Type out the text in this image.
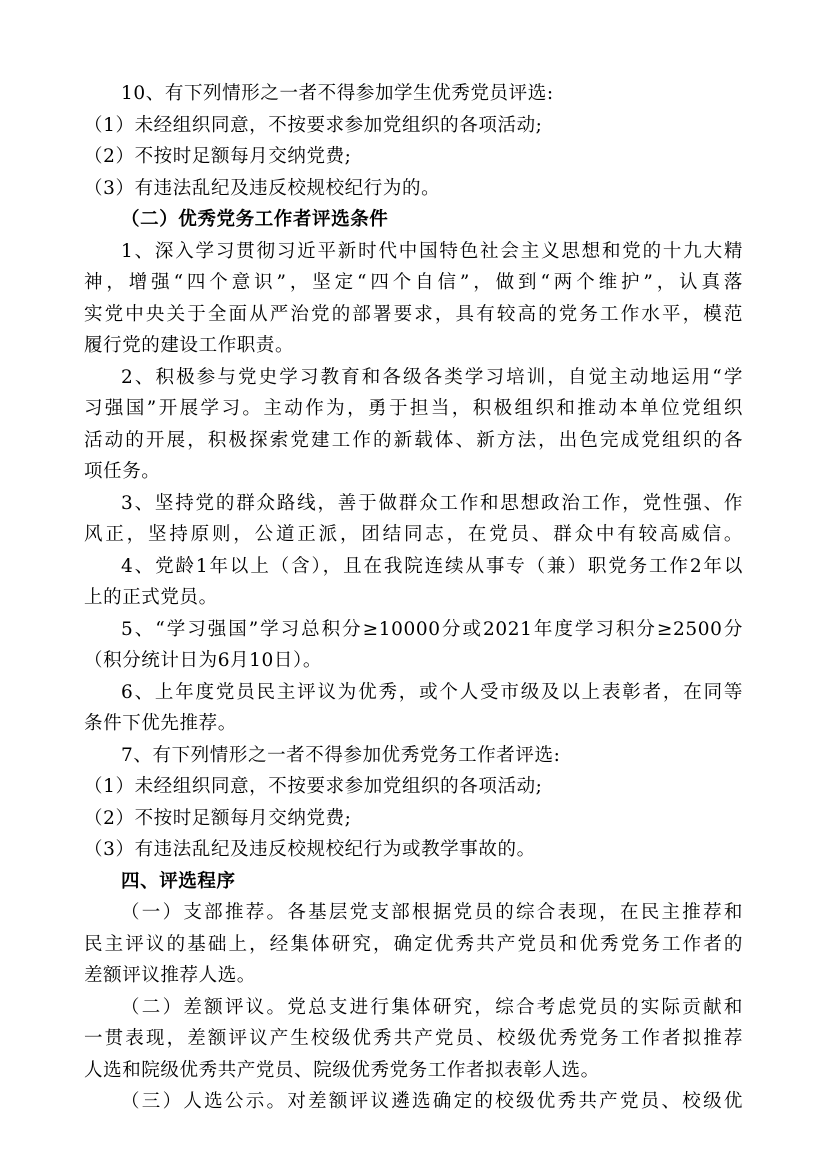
10、有下列情形之一者不得参加学生优秀党员评选:
（1）未经组织同意，不按要求参加党组织的各项活动;
（2）不按时足额每月交纳党费;
（3）有违法乱纪及违反校规校纪行为的。
（二）优秀党务工作者评选条件
1、深入学习贯彻习近平新时代中国特色社会主义思想和党的十九大精
神，增强“四个意识”，坚定“四个自信”，做到“两个维护”，认真落
实党中央关于全面从严治党的部署要求，具有较高的党务工作水平，模范
履行党的建设工作职责。
2、积极参与党史学习教育和各级各类学习培训，自觉主动地运用“学
习强国”开展学习。主动作为，勇于担当，积极组织和推动本单位党组织
活动的开展，积极探索党建工作的新载体、新方法，出色完成党组织的各
项任务。
3、坚持党的群众路线，善于做群众工作和思想政治工作，党性强、作
风正，坚持原则，公道正派，团结同志，在党员、群众中有较高威信。
4、党龄1年以上（含），且在我院连续从事专（兼）职党务工作2年以
上的正式党员。
5、“学习强国”学习总积分≥10000分或2021年度学习积分≥2500分
（积分统计日为6月10日）。
6、上年度党员民主评议为优秀，或个人受市级及以上表彰者，在同等
条件下优先推荐。
7、有下列情形之一者不得参加优秀党务工作者评选:
（1）未经组织同意，不按要求参加党组织的各项活动;
（2）不按时足额每月交纳党费;
（3）有违法乱纪及违反校规校纪行为或教学事故的。
四、评选程序
（一）支部推荐。各基层党支部根据党员的综合表现，在民主推荐和
民主评议的基础上，经集体研究，确定优秀共产党员和优秀党务工作者的
差额评议推荐人选。
（二）差额评议。党总支进行集体研究，综合考虑党员的实际贡献和
一贯表现，差额评议产生校级优秀共产党员、校级优秀党务工作者拟推荐
人选和院级优秀共产党员、院级优秀党务工作者拟表彰人选。
（三）人选公示。对差额评议遴选确定的校级优秀共产党员、校级优
